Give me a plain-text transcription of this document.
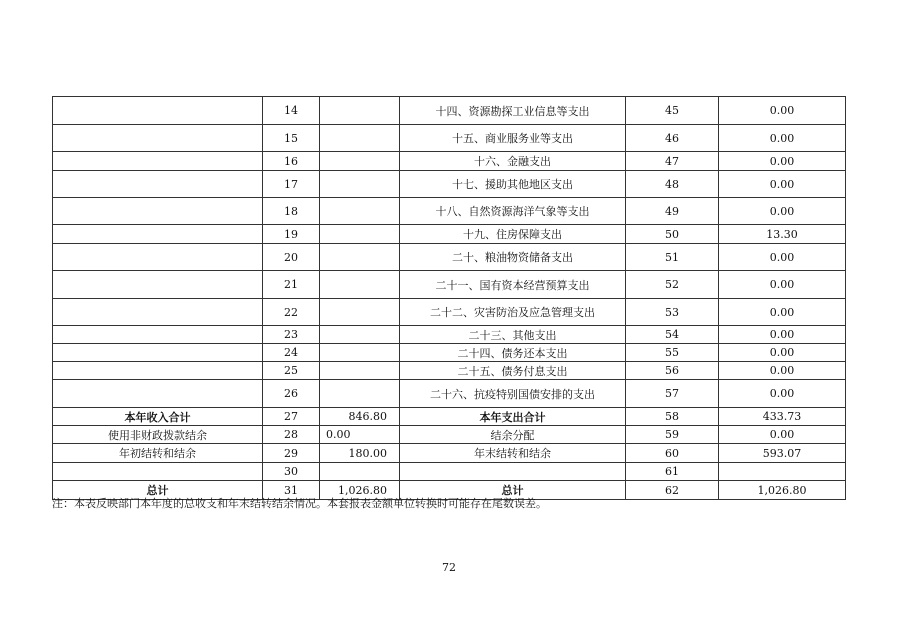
	14		十四、资源勘探工业信息等支出	45	0.00
	15		十五、商业服务业等支出	46	0.00
	16		十六、金融支出	47	0.00
	17		十七、援助其他地区支出	48	0.00
	18		十八、自然资源海洋气象等支出	49	0.00
	19		十九、住房保障支出	50	13.30
	20		二十、粮油物资储备支出	51	0.00
	21		二十一、国有资本经营预算支出	52	0.00
	22		二十二、灾害防治及应急管理支出	53	0.00
	23		二十三、其他支出	54	0.00
	24		二十四、债务还本支出	55	0.00
	25		二十五、债务付息支出	56	0.00
	26		二十六、抗疫特别国债安排的支出	57	0.00
本年收入合计	27	846.80	本年支出合计	58	433.73
使用非财政拨款结余	28	0.00	结余分配	59	0.00
年初结转和结余	29	180.00	年末结转和结余	60	593.07
	30			61	
总计	31	1,026.80	总计	62	1,026.80
注：本表反映部门本年度的总收支和年末结转结余情况。本套报表金额单位转换时可能存在尾数误差。
72
